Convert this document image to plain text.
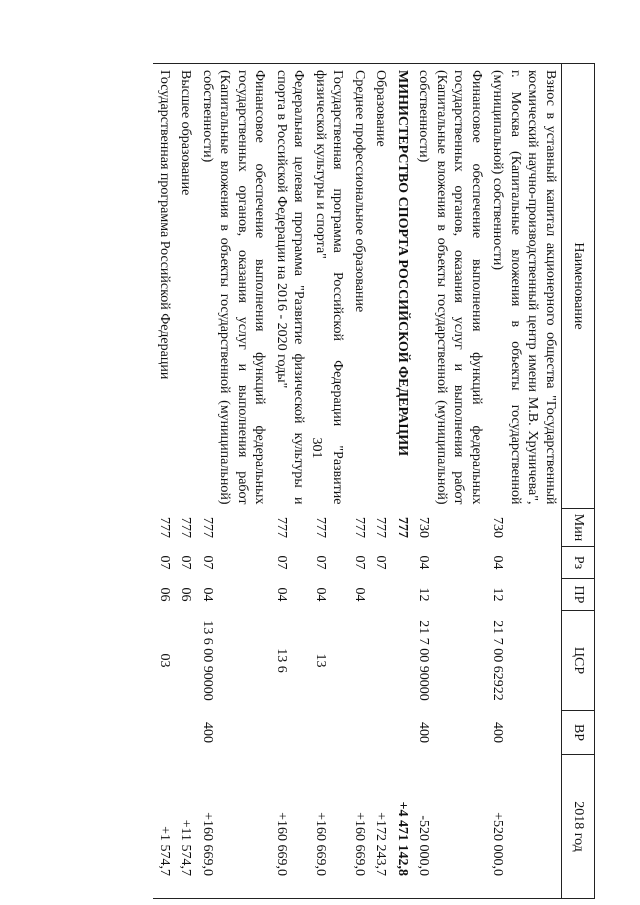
301
Наименование	Мин	Рз	ПР	ЦСР	ВР	2018 год
Взнос в уставный капитал акционерного общества "Государственный космический научно-производственный центр имени М.В. Хруничева", г. Москва (Капитальные вложения в объекты государственной (муниципальной) собственности)	730	04	12	21 7 00 62922	400	+520 000,0
Финансовое обеспечение выполнения функций федеральных государственных органов, оказания услуг и выполнения работ (Капитальные вложения в объекты государственной (муниципальной) собственности)	730	04	12	21 7 00 90000	400	-520 000,0
МИНИСТЕРСТВО СПОРТА РОССИЙСКОЙ ФЕДЕРАЦИИ	777					+4 471 142,8
Образование	777	07				+172 243,7
Среднее профессиональное образование	777	07	04			+160 669,0
Государственная программа Российской Федерации "Развитие физической культуры и спорта"	777	07	04	13		+160 669,0
Федеральная целевая программа "Развитие физической культуры и спорта в Российской Федерации на 2016 - 2020 годы"	777	07	04	13 6		+160 669,0
Финансовое обеспечение выполнения функций федеральных государственных органов, оказания услуг и выполнения работ (Капитальные вложения в объекты государственной (муниципальной) собственности)	777	07	04	13 6 00 90000	400	+160 669,0
Высшее образование	777	07	06			+11 574,7
Государственная программа Российской Федерации	777	07	06	03		+1 574,7
